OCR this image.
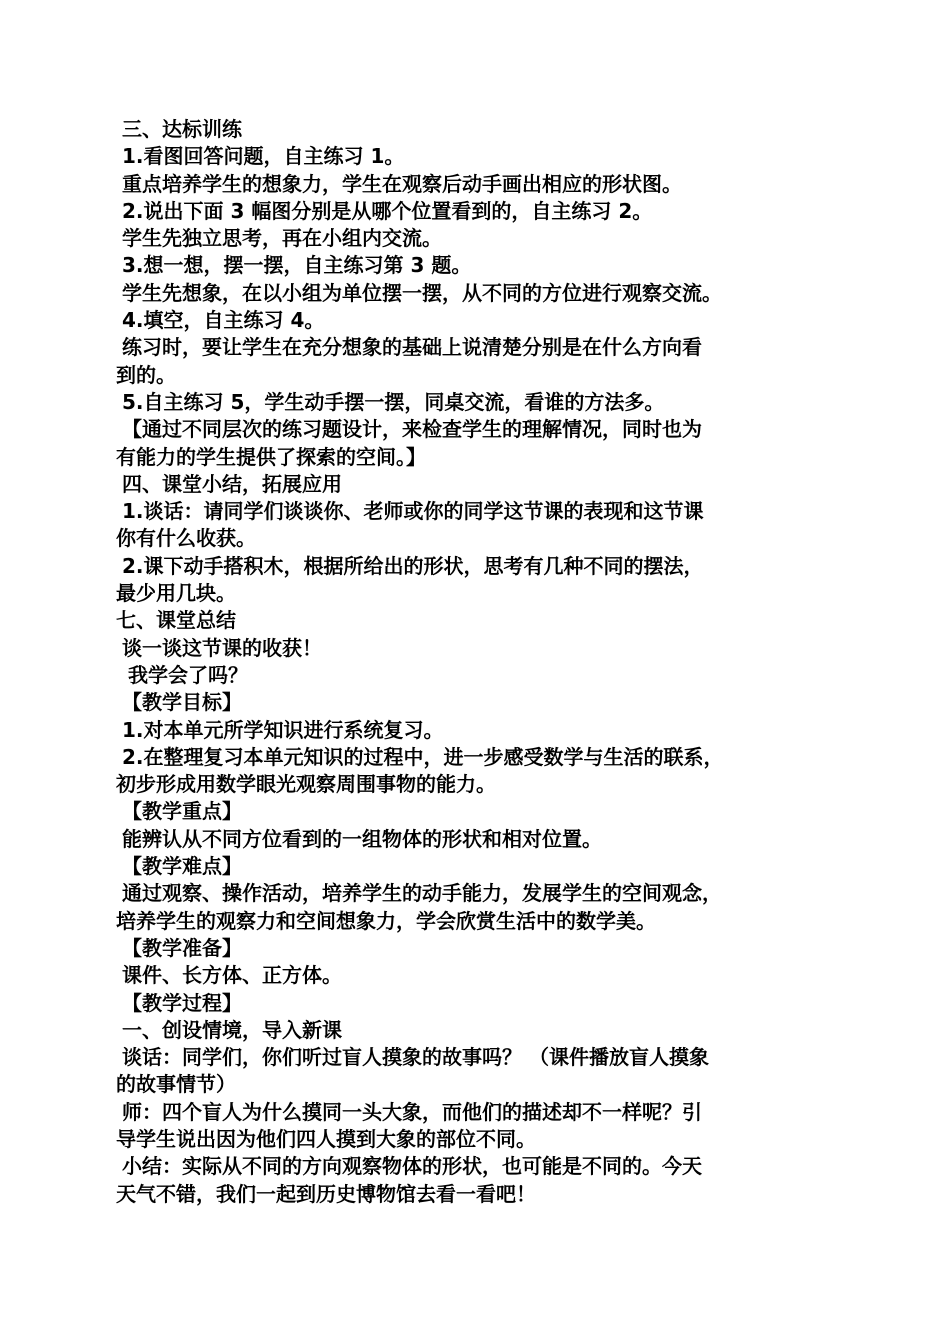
三、达标训练
1.看图回答问题，自主练习 1。
重点培养学生的想象力，学生在观察后动手画出相应的形状图。
2.说出下面 3 幅图分别是从哪个位置看到的，自主练习 2。
学生先独立思考，再在小组内交流。
3.想一想，摆一摆，自主练习第 3 题。
学生先想象，在以小组为单位摆一摆，从不同的方位进行观察交流。
4.填空，自主练习 4。
练习时，要让学生在充分想象的基础上说清楚分别是在什么方向看
到的。
5.自主练习 5，学生动手摆一摆，同桌交流，看谁的方法多。
【通过不同层次的练习题设计，来检查学生的理解情况，同时也为
有能力的学生提供了探索的空间。】
四、课堂小结，拓展应用
1.谈话：请同学们谈谈你、老师或你的同学这节课的表现和这节课
你有什么收获。
2.课下动手搭积木，根据所给出的形状，思考有几种不同的摆法，
最少用几块。
七、课堂总结
谈一谈这节课的收获！
我学会了吗？
【教学目标】
1.对本单元所学知识进行系统复习。
2.在整理复习本单元知识的过程中，进一步感受数学与生活的联系，
初步形成用数学眼光观察周围事物的能力。
【教学重点】
能辨认从不同方位看到的一组物体的形状和相对位置。
【教学难点】
通过观察、操作活动，培养学生的动手能力，发展学生的空间观念，
培养学生的观察力和空间想象力，学会欣赏生活中的数学美。
【教学准备】
课件、长方体、正方体。
【教学过程】
一、创设情境，导入新课
谈话：同学们，你们听过盲人摸象的故事吗？ （课件播放盲人摸象
的故事情节）
师：四个盲人为什么摸同一头大象，而他们的描述却不一样呢？引
导学生说出因为他们四人摸到大象的部位不同。
小结：实际从不同的方向观察物体的形状，也可能是不同的。今天
天气不错，我们一起到历史博物馆去看一看吧！
